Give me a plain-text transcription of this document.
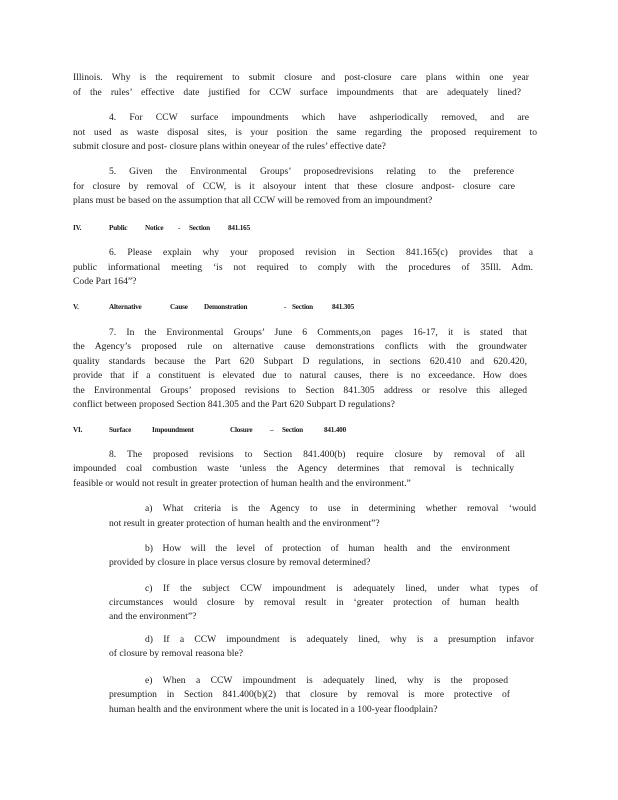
Illinois. Why is the requirement to submit closure and post-closure care plans within one year
of the rules’ effective date justified for CCW surface impoundments that are adequately lined?
4. For CCW surface impoundments which have ashperiodically removed, and are
not used as waste disposal sites, is your position the same regarding the proposed requirement to
submit closure and post- closure plans within oneyear of the rules’ effective date?
5. Given the Environmental Groups’ proposedrevisions relating to the preference
for closure by removal of CCW, is it alsoyour intent that these closure andpost- closure care
plans must be based on the assumption that all CCW will be removed from an impoundment?
IV.	Public Notice - Section	841.165
6. Please explain why your proposed revision in Section 841.165(c) provides that a
public informational meeting ‘is not required to comply with the procedures of 35Ill. Adm.
Code Part 164”?
V.	Alternative	Cause Demonstration	- Section	841.305
7. In the Environmental Groups’ June 6 Comments,on pages 16-17, it is stated that
the Agency’s proposed rule on alternative cause demonstrations conflicts with the groundwater
quality standards because the Part 620 Subpart D regulations, in sections 620.410 and 620.420,
provide that if a constituent is elevated due to natural causes, there is no exceedance. How does
the Environmental Groups’ proposed revisions to Section 841.305 address or resolve this alleged
conflict between proposed Section 841.305 and the Part 620 Subpart D regulations?
VI.	Surface	Impoundment	Closure – Section	841.400
8. The proposed revisions to Section 841.400(b) require closure by removal of all
impounded coal combustion waste ‘unless the Agency determines that removal is technically
feasible or would not result in greater protection of human health and the environment.”
a) What criteria is the Agency to use in determining whether removal ‘would
not result in greater protection of human health and the environment”?
b) How will the level of protection of human health and the environment
provided by closure in place versus closure by removal determined?
c) If the subject CCW impoundment is adequately lined, under what types of
circumstances would closure by removal result in ‘greater protection of human health
and the environment”?
d) If a CCW impoundment is adequately lined, why is a presumption infavor
of closure by removal reasona ble?
e) When a CCW impoundment is adequately lined, why is the proposed
presumption in Section 841.400(b)(2) that closure by removal is more protective of
human health and the environment where the unit is located in a 100-year floodplain?
